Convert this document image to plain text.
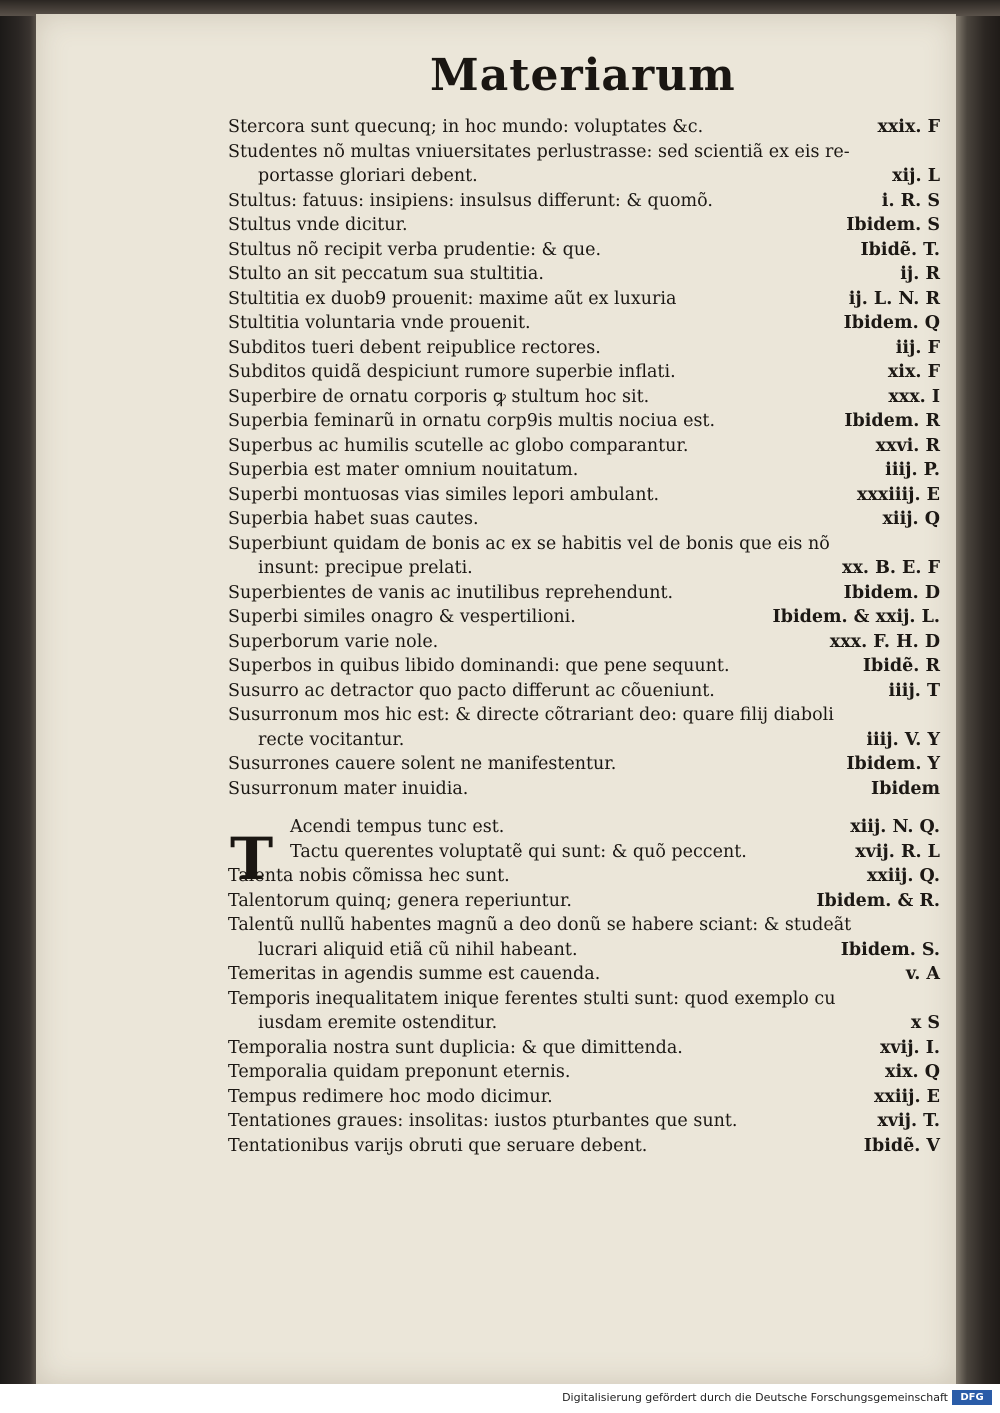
Materiarum
Stercora sunt quecunq; in hoc mundo: voluptates &c.	xxix. F
Studentes nõ multas vniuersitates perlustrasse: sed scientiã ex eis re-
portasse gloriari debent.	xij. L
Stultus: fatuus: insipiens: insulsus differunt: & quomõ.	i. R. S
Stultus vnde dicitur.	Ibidem. S
Stultus nõ recipit verba prudentie: & que.	Ibidẽ. T.
Stulto an sit peccatum sua stultitia.	ij. R
Stultitia ex duob9 prouenit: maxime aũt ex luxuria	ij. L. N. R
Stultitia voluntaria vnde prouenit.	Ibidem. Q
Subditos tueri debent reipublice rectores.	iij. F
Subditos quidã despiciunt rumore superbie inflati.	xix. F
Superbire de ornatu corporis ꝙ stultum hoc sit.	xxx. I
Superbia feminarũ in ornatu corp9is multis nociua est.	Ibidem. R
Superbus ac humilis scutelle ac globo comparantur.	xxvi. R
Superbia est mater omnium nouitatum.	iiij. P.
Superbi montuosas vias similes lepori ambulant.	xxxiiij. E
Superbia habet suas cautes.	xiij. Q
Superbiunt quidam de bonis ac ex se habitis vel de bonis que eis nõ
insunt: precipue prelati.	xx. B. E. F
Superbientes de vanis ac inutilibus reprehendunt.	Ibidem. D
Superbi similes onagro & vespertilioni.	Ibidem. & xxij. L.
Superborum varie nole.	xxx. F. H. D
Superbos in quibus libido dominandi: que pene sequunt.	Ibidẽ. R
Susurro ac detractor quo pacto differunt ac cõueniunt.	iiij. T
Susurronum mos hic est: & directe cõtrariant deo: quare filij diaboli
recte vocitantur.	iiij. V. Y
Susurrones cauere solent ne manifestentur.	Ibidem. Y
Susurronum mater inuidia.	Ibidem
Acendi tempus tunc est.	xiij. N. Q.
Tactu querentes voluptatẽ qui sunt: & quõ peccent.	xvij. R. L
Talenta nobis cõmissa hec sunt.	xxiij. Q.
Talentorum quinq; genera reperiuntur.	Ibidem. & R.
Talentũ nullũ habentes magnũ a deo donũ se habere sciant: & studeãt
lucrari aliquid etiã cũ nihil habeant.	Ibidem. S.
Temeritas in agendis summe est cauenda.	v. A
Temporis inequalitatem inique ferentes stulti sunt: quod exemplo cu
iusdam eremite ostenditur.	x S
Temporalia nostra sunt duplicia: & que dimittenda.	xvij. I.
Temporalia quidam preponunt eternis.	xix. Q
Tempus redimere hoc modo dicimur.	xxiij. E
Tentationes graues: insolitas: iustos pturbantes que sunt.	xvij. T.
Tentationibus varijs obruti que seruare debent.	Ibidẽ. V
T
Digitalisierung gefördert durch die Deutsche Forschungsgemeinschaft	DFG
